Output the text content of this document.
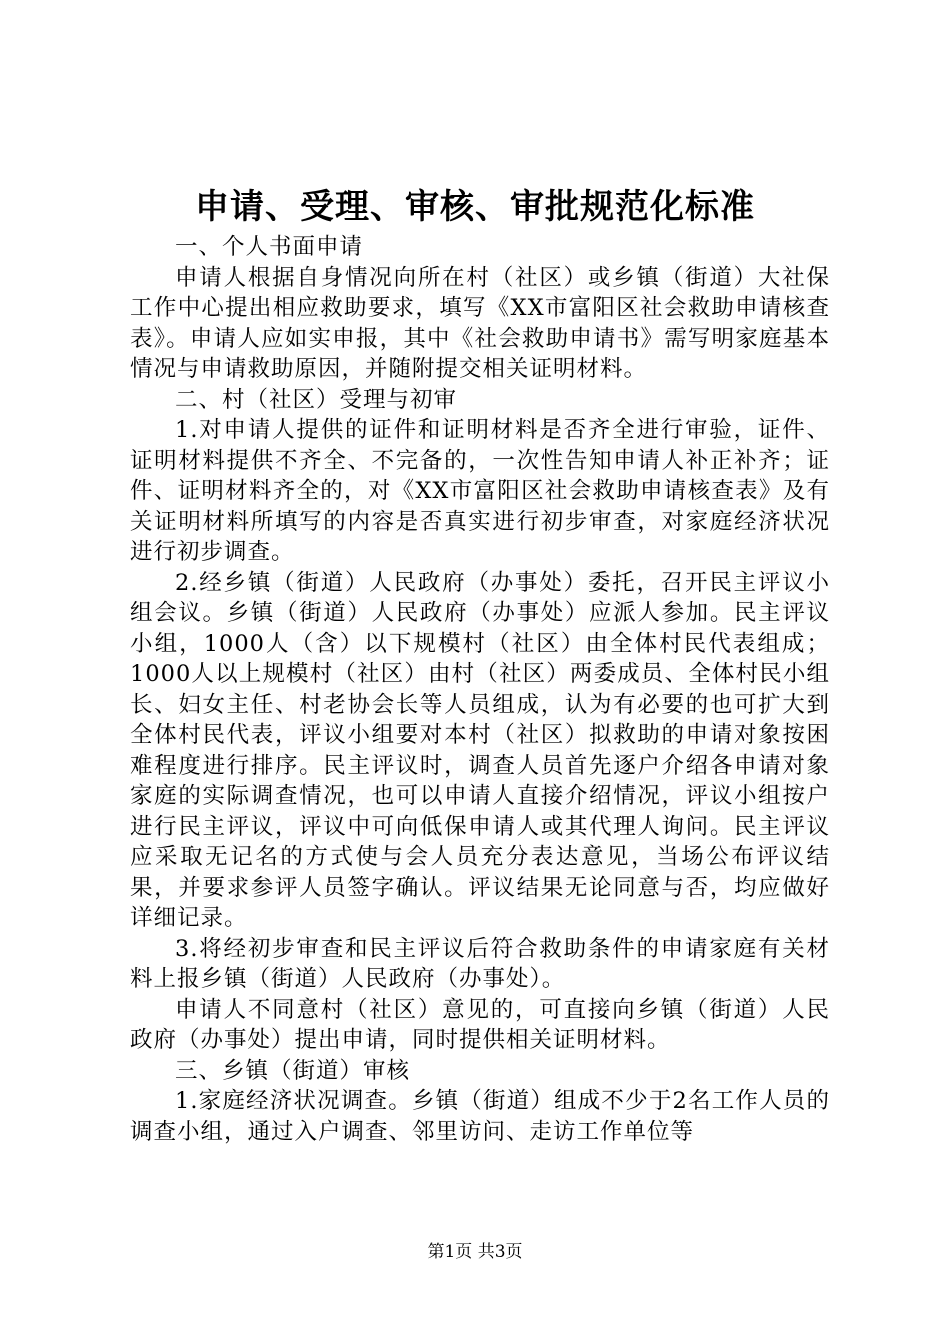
申请、受理、审核、审批规范化标准

一、个人书面申请

申请人根据自身情况向所在村（社区）或乡镇（街道）大社保工作中心提出相应救助要求，填写《XX市富阳区社会救助申请核查表》。申请人应如实申报，其中《社会救助申请书》需写明家庭基本情况与申请救助原因，并随附提交相关证明材料。

二、村（社区）受理与初审

1.对申请人提供的证件和证明材料是否齐全进行审验，证件、证明材料提供不齐全、不完备的，一次性告知申请人补正补齐；证件、证明材料齐全的，对《XX市富阳区社会救助申请核查表》及有关证明材料所填写的内容是否真实进行初步审查，对家庭经济状况进行初步调查。

2.经乡镇（街道）人民政府（办事处）委托，召开民主评议小组会议。乡镇（街道）人民政府（办事处）应派人参加。民主评议小组，1000人（含）以下规模村（社区）由全体村民代表组成；1000人以上规模村（社区）由村（社区）两委成员、全体村民小组长、妇女主任、村老协会长等人员组成，认为有必要的也可扩大到全体村民代表，评议小组要对本村（社区）拟救助的申请对象按困难程度进行排序。民主评议时，调查人员首先逐户介绍各申请对象家庭的实际调查情况，也可以申请人直接介绍情况，评议小组按户进行民主评议，评议中可向低保申请人或其代理人询问。民主评议应采取无记名的方式使与会人员充分表达意见，当场公布评议结果，并要求参评人员签字确认。评议结果无论同意与否，均应做好详细记录。

3.将经初步审查和民主评议后符合救助条件的申请家庭有关材料上报乡镇（街道）人民政府（办事处）。

申请人不同意村（社区）意见的，可直接向乡镇（街道）人民政府（办事处）提出申请，同时提供相关证明材料。

三、乡镇（街道）审核

1.家庭经济状况调查。乡镇（街道）组成不少于2名工作人员的调查小组，通过入户调查、邻里访问、走访工作单位等

第1页 共3页
